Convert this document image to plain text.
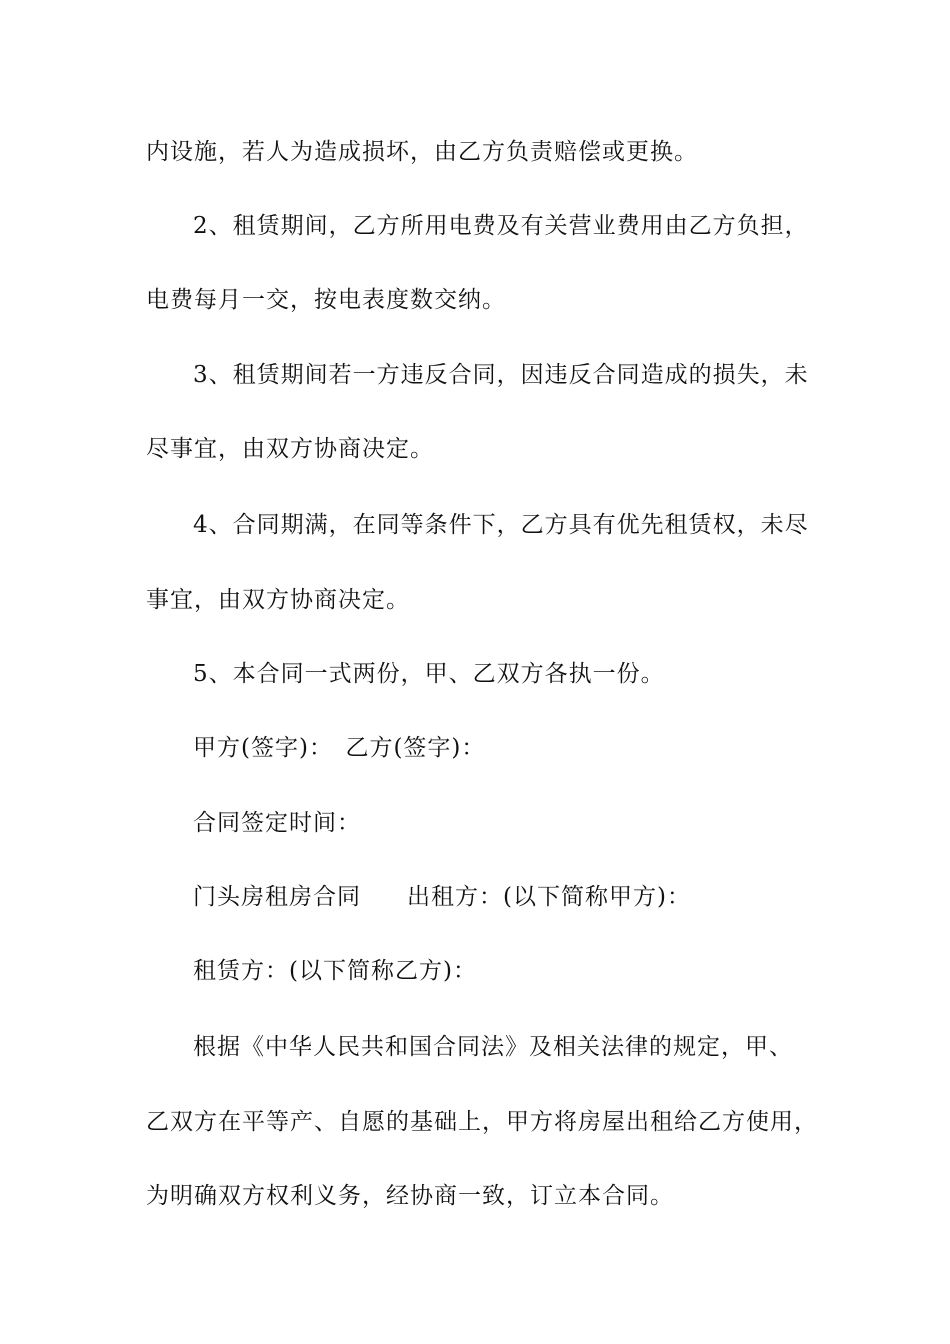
内设施，若人为造成损坏，由乙方负责赔偿或更换。
2、租赁期间，乙方所用电费及有关营业费用由乙方负担，
电费每月一交，按电表度数交纳。
3、租赁期间若一方违反合同，因违反合同造成的损失，未
尽事宜，由双方协商决定。
4、合同期满，在同等条件下，乙方具有优先租赁权，未尽
事宜，由双方协商决定。
5、本合同一式两份，甲、乙双方各执一份。
甲方(签字)：　乙方(签字)：
合同签定时间：
门头房租房合同 出租方：(以下简称甲方)：
租赁方：(以下简称乙方)：
根据《中华人民共和国合同法》及相关法律的规定，甲、
乙双方在平等产、自愿的基础上，甲方将房屋出租给乙方使用，
为明确双方权利义务，经协商一致，订立本合同。
